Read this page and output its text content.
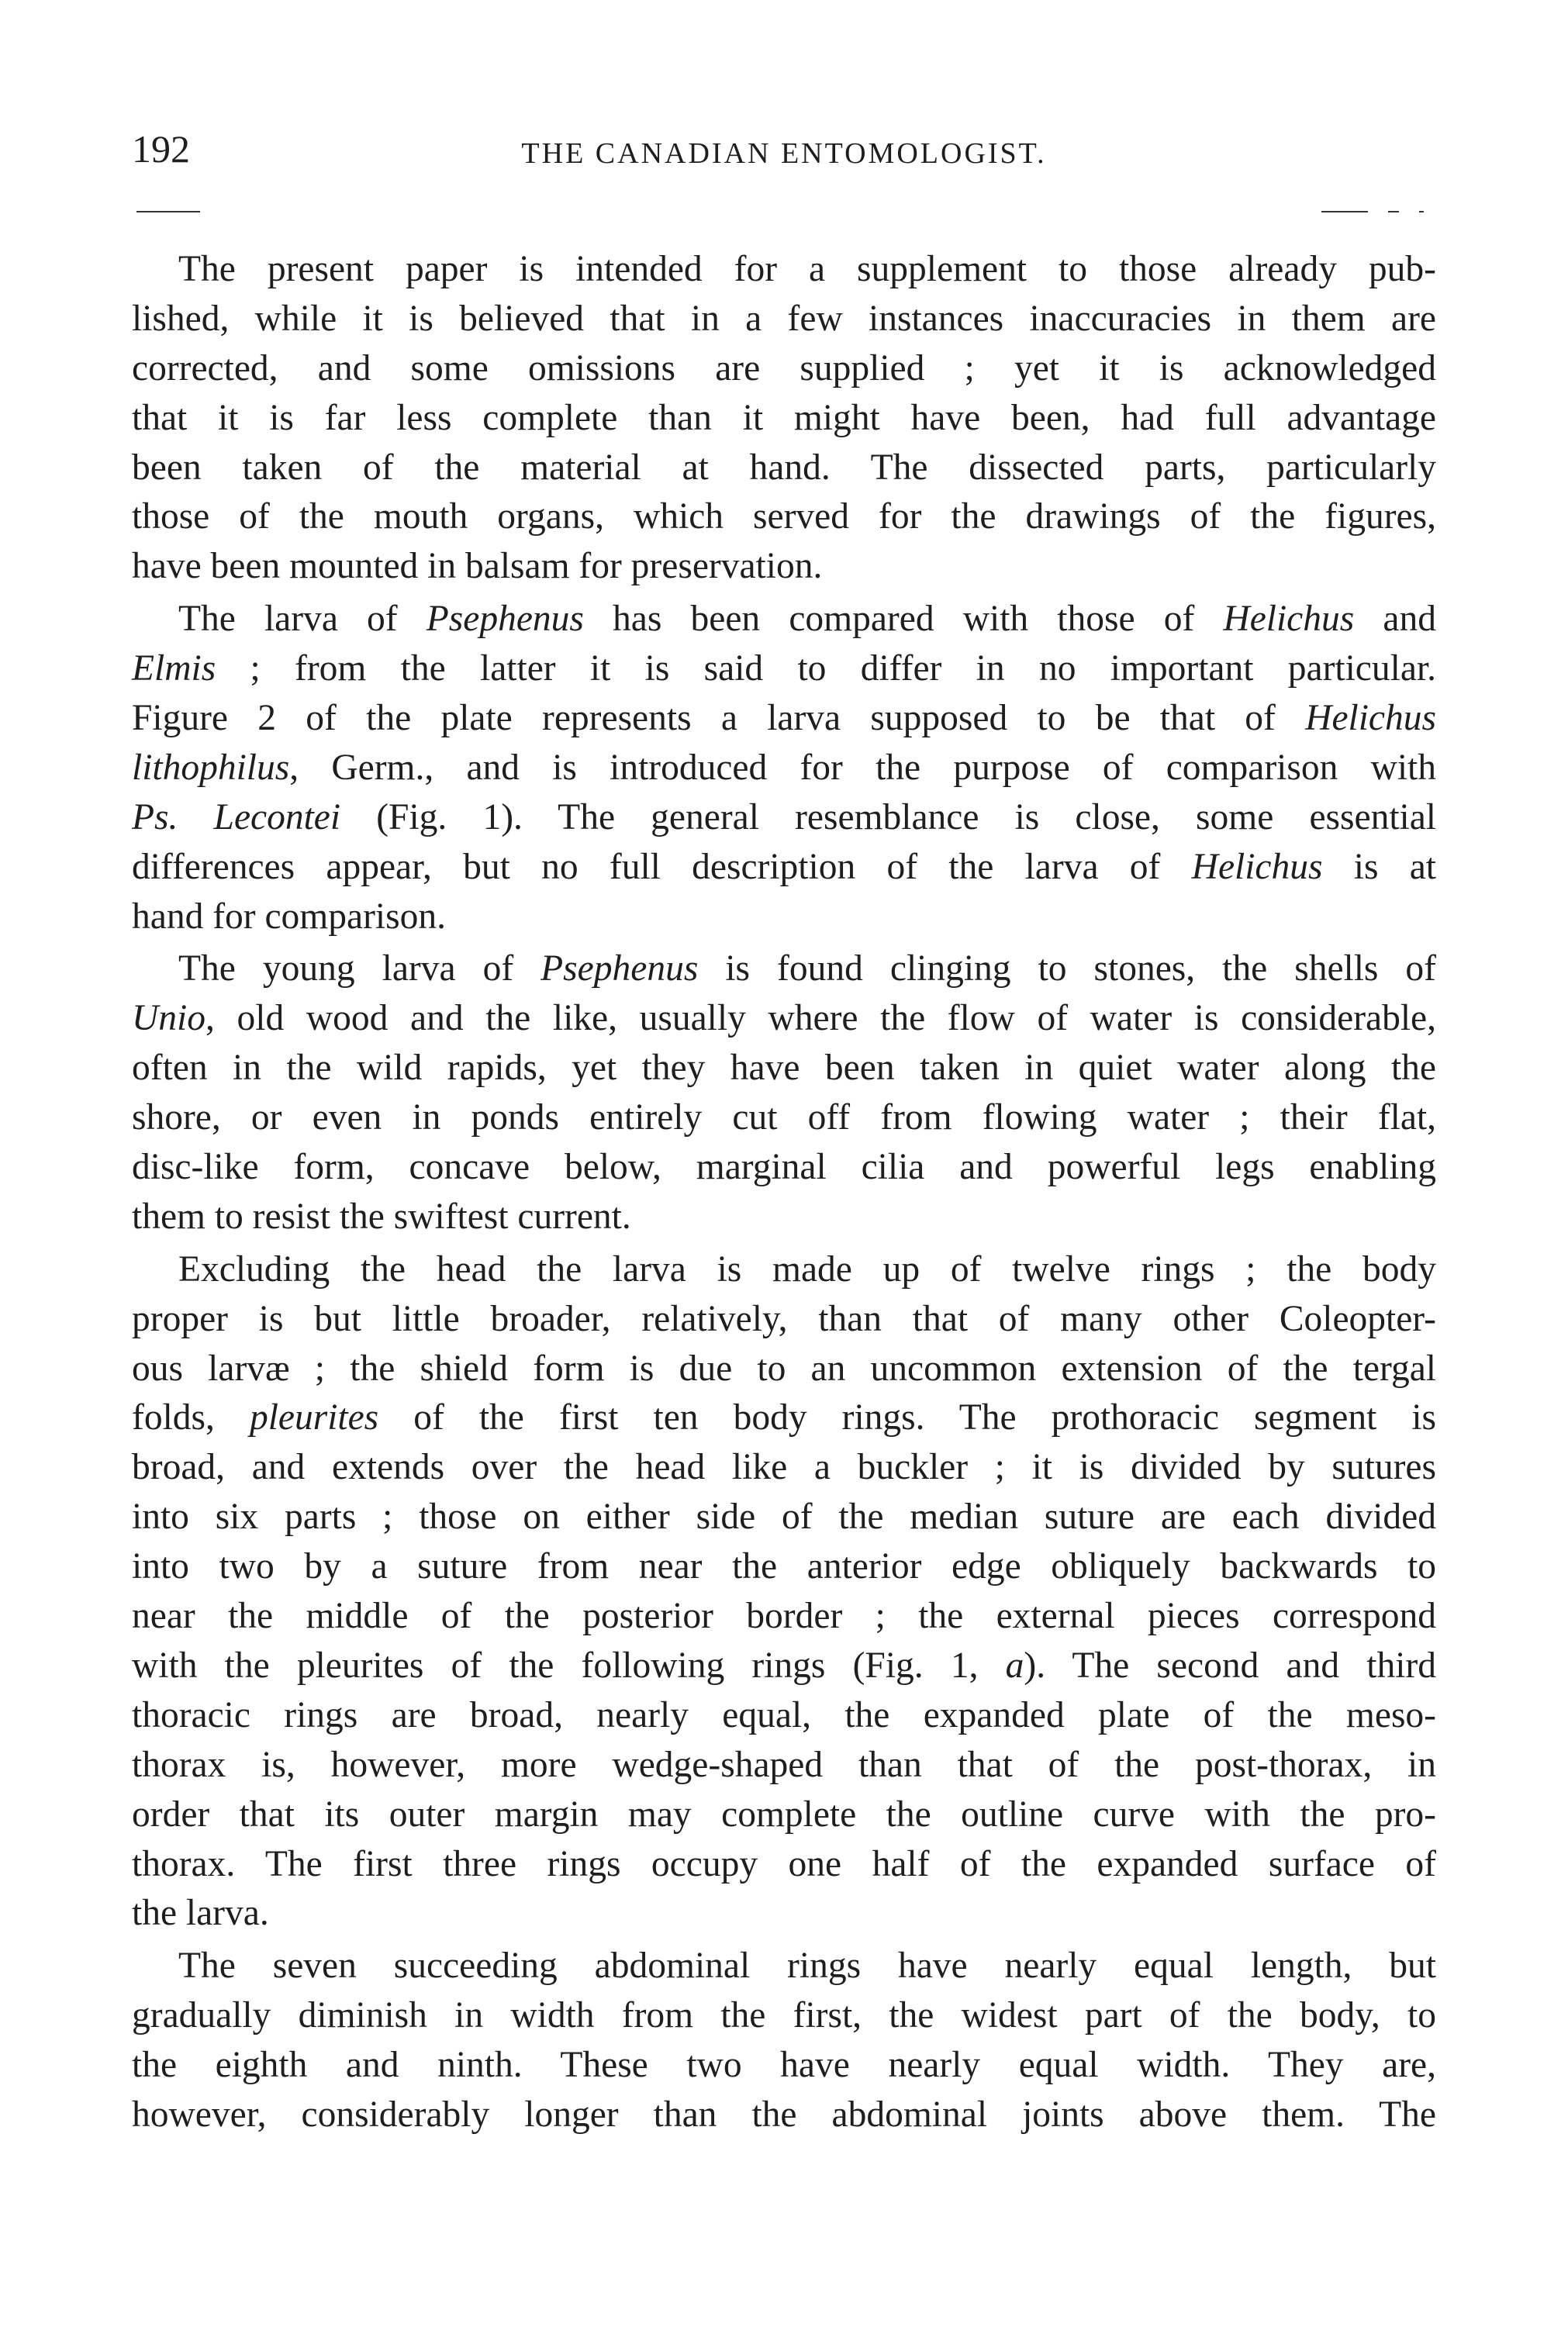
192	THE CANADIAN ENTOMOLOGIST.
The present paper is intended for a supplement to those already pub-
lished, while it is believed that in a few instances inaccuracies in them are
corrected, and some omissions are supplied ; yet it is acknowledged
that it is far less complete than it might have been, had full advantage
been taken of the material at hand. The dissected parts, particularly
those of the mouth organs, which served for the drawings of the figures,
have been mounted in balsam for preservation.
The larva of Psephenus has been compared with those of Helichus and
Elmis ; from the latter it is said to differ in no important particular.
Figure 2 of the plate represents a larva supposed to be that of Helichus
lithophilus, Germ., and is introduced for the purpose of comparison with
Ps. Lecontei (Fig. 1). The general resemblance is close, some essential
differences appear, but no full description of the larva of Helichus is at
hand for comparison.
The young larva of Psephenus is found clinging to stones, the shells of
Unio, old wood and the like, usually where the flow of water is considerable,
often in the wild rapids, yet they have been taken in quiet water along the
shore, or even in ponds entirely cut off from flowing water ; their flat,
disc-like form, concave below, marginal cilia and powerful legs enabling
them to resist the swiftest current.
Excluding the head the larva is made up of twelve rings ; the body
proper is but little broader, relatively, than that of many other Coleopter-
ous larvæ ; the shield form is due to an uncommon extension of the tergal
folds, pleurites of the first ten body rings. The prothoracic segment is
broad, and extends over the head like a buckler ; it is divided by sutures
into six parts ; those on either side of the median suture are each divided
into two by a suture from near the anterior edge obliquely backwards to
near the middle of the posterior border ; the external pieces correspond
with the pleurites of the following rings (Fig. 1, a). The second and third
thoracic rings are broad, nearly equal, the expanded plate of the meso-
thorax is, however, more wedge-shaped than that of the post-thorax, in
order that its outer margin may complete the outline curve with the pro-
thorax. The first three rings occupy one half of the expanded surface of
the larva.
The seven succeeding abdominal rings have nearly equal length, but
gradually diminish in width from the first, the widest part of the body, to
the eighth and ninth. These two have nearly equal width. They are,
however, considerably longer than the abdominal joints above them. The
